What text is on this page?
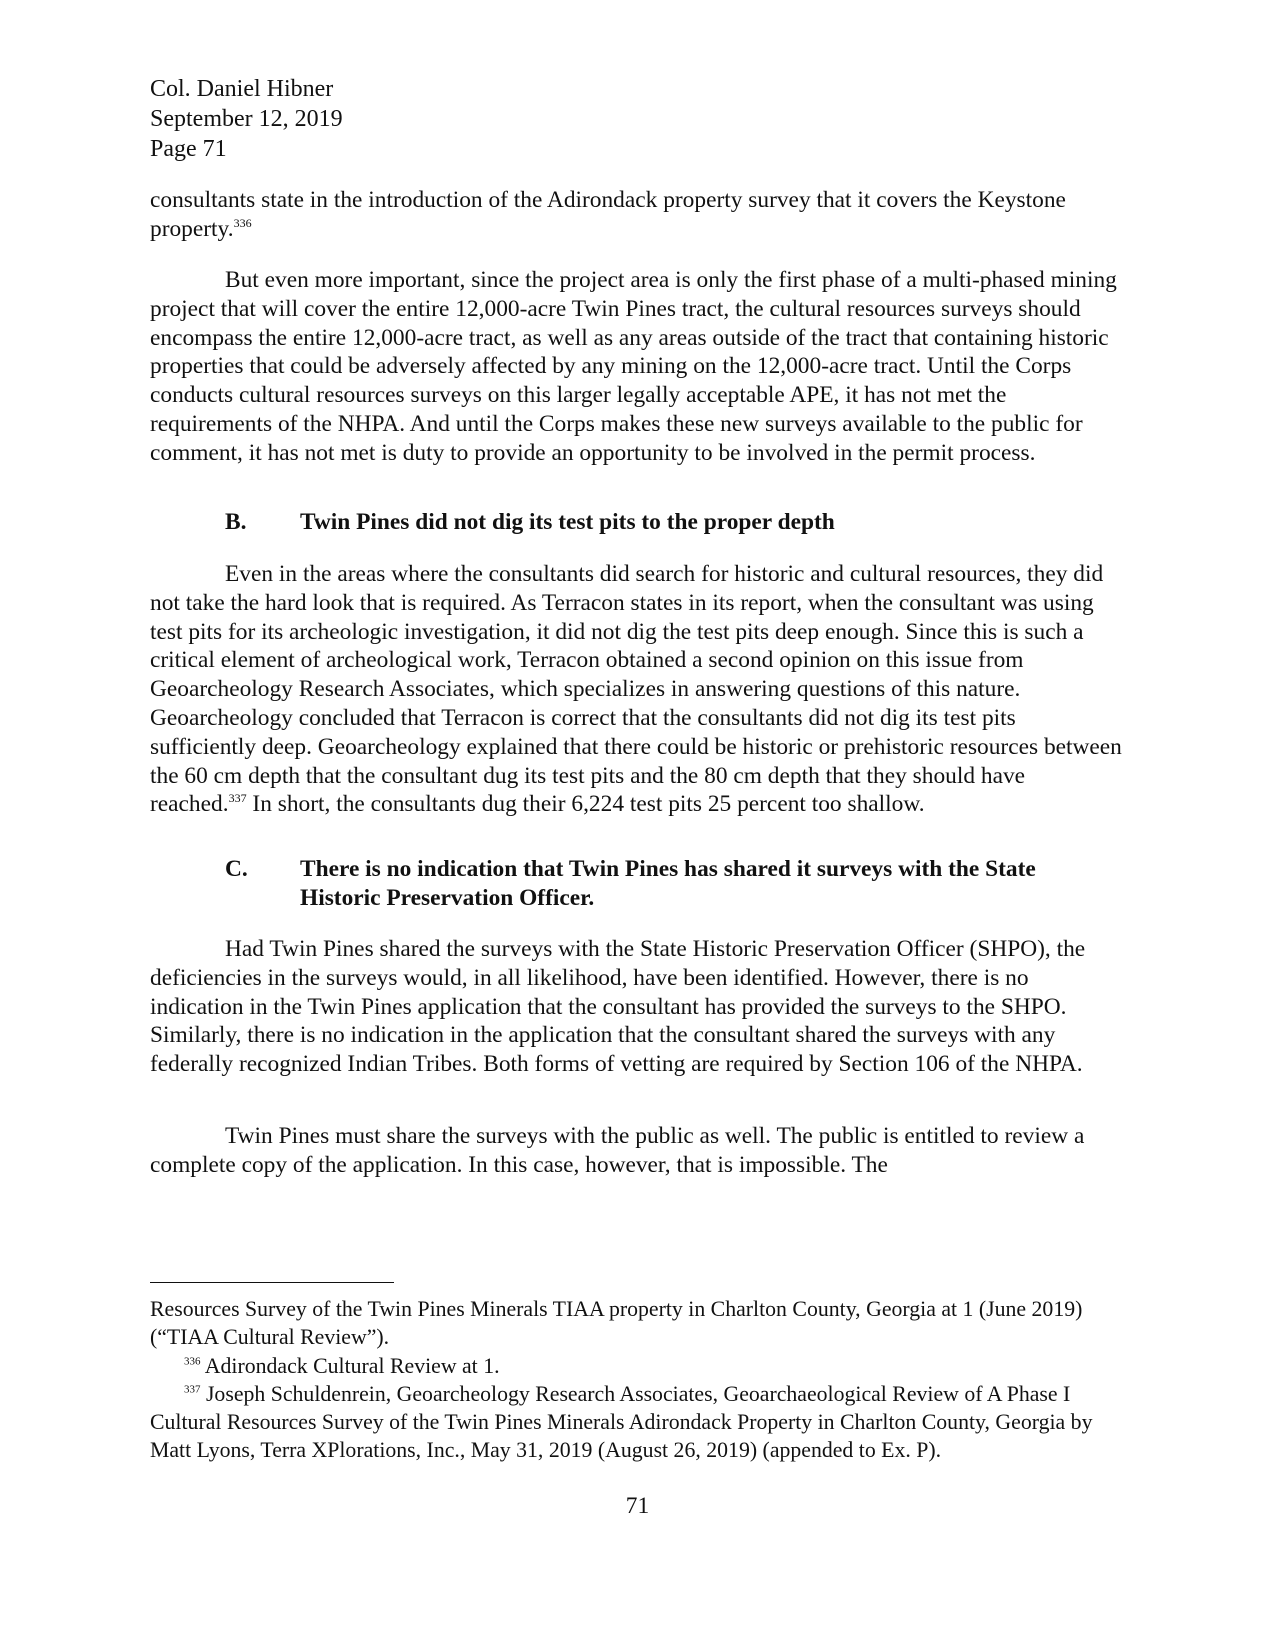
Col. Daniel Hibner
September 12, 2019
Page 71

consultants state in the introduction of the Adirondack property survey that it covers the Keystone property.$^{336}$

But even more important, since the project area is only the first phase of a multi-phased mining project that will cover the entire 12,000-acre Twin Pines tract, the cultural resources surveys should encompass the entire 12,000-acre tract, as well as any areas outside of the tract that containing historic properties that could be adversely affected by any mining on the 12,000-acre tract. Until the Corps conducts cultural resources surveys on this larger legally acceptable APE, it has not met the requirements of the NHPA. And until the Corps makes these new surveys available to the public for comment, it has not met is duty to provide an opportunity to be involved in the permit process.

B. Twin Pines did not dig its test pits to the proper depth

Even in the areas where the consultants did search for historic and cultural resources, they did not take the hard look that is required. As Terracon states in its report, when the consultant was using test pits for its archeologic investigation, it did not dig the test pits deep enough. Since this is such a critical element of archeological work, Terracon obtained a second opinion on this issue from Geoarcheology Research Associates, which specializes in answering questions of this nature. Geoarcheology concluded that Terracon is correct that the consultants did not dig its test pits sufficiently deep. Geoarcheology explained that there could be historic or prehistoric resources between the 60 cm depth that the consultant dug its test pits and the 80 cm depth that they should have reached.$^{337}$ In short, the consultants dug their 6,224 test pits 25 percent too shallow.

C. There is no indication that Twin Pines has shared it surveys with the State Historic Preservation Officer.

Had Twin Pines shared the surveys with the State Historic Preservation Officer (SHPO), the deficiencies in the surveys would, in all likelihood, have been identified. However, there is no indication in the Twin Pines application that the consultant has provided the surveys to the SHPO. Similarly, there is no indication in the application that the consultant shared the surveys with any federally recognized Indian Tribes. Both forms of vetting are required by Section 106 of the NHPA.

Twin Pines must share the surveys with the public as well. The public is entitled to review a complete copy of the application. In this case, however, that is impossible. The

Resources Survey of the Twin Pines Minerals TIAA property in Charlton County, Georgia at 1 (June 2019) (“TIAA Cultural Review”).

$^{336}$ Adirondack Cultural Review at 1.

$^{337}$ Joseph Schuldenrein, Geoarcheology Research Associates, Geoarchaeological Review of A Phase I Cultural Resources Survey of the Twin Pines Minerals Adirondack Property in Charlton County, Georgia by Matt Lyons, Terra XPlorations, Inc., May 31, 2019 (August 26, 2019) (appended to Ex. P).

71
